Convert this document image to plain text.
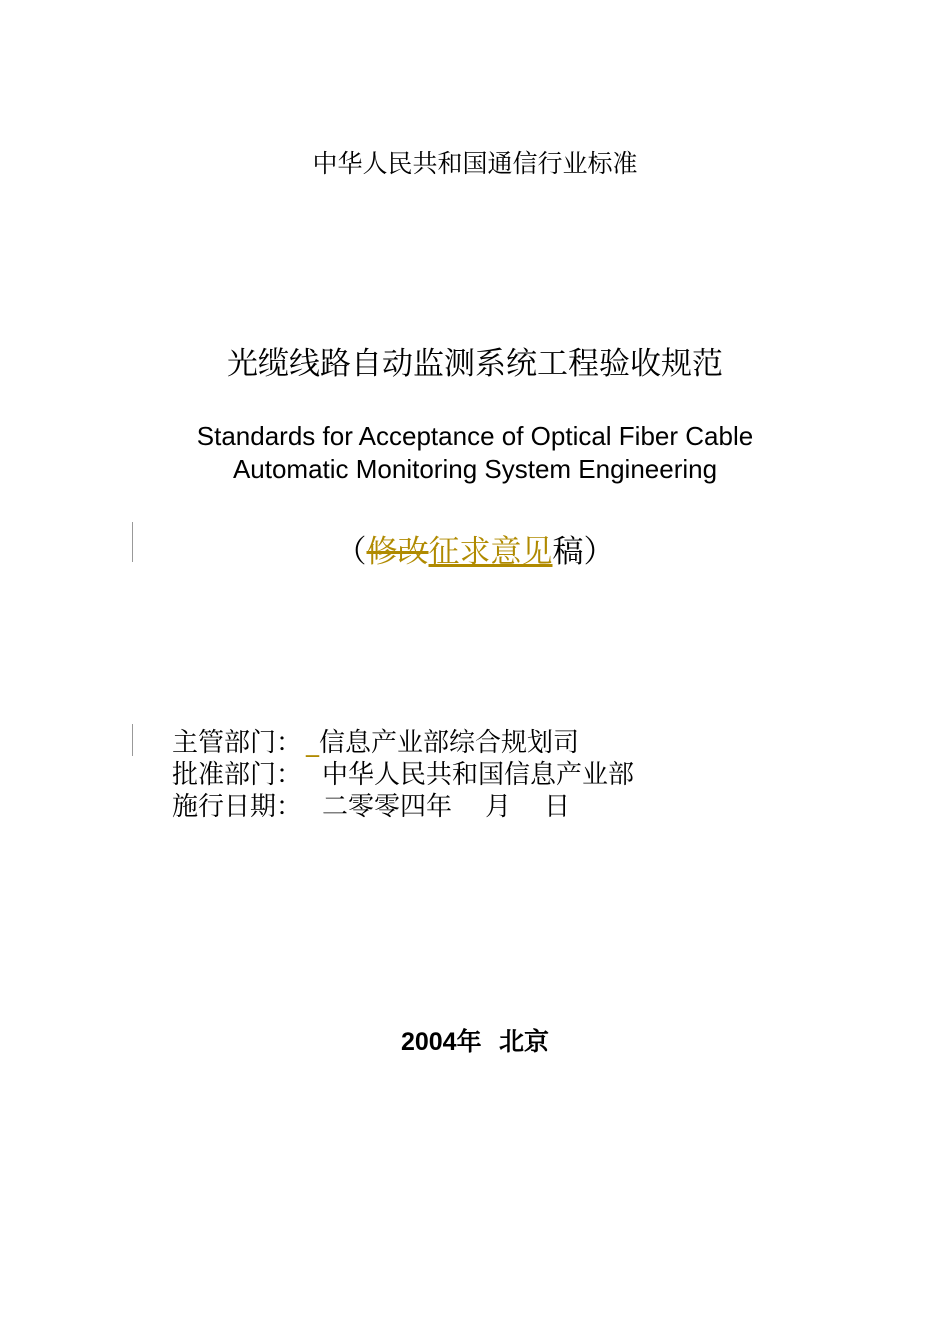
中华人民共和国通信行业标准
光缆线路自动监测系统工程验收规范
Standards for Acceptance of Optical Fiber Cable
Automatic Monitoring System Engineering
（修改征求意见稿）
主管部门： _信息产业部综合规划司
批准部门： 中华人民共和国信息产业部
施行日期： 二零零四年    月    日
2004年  北京
